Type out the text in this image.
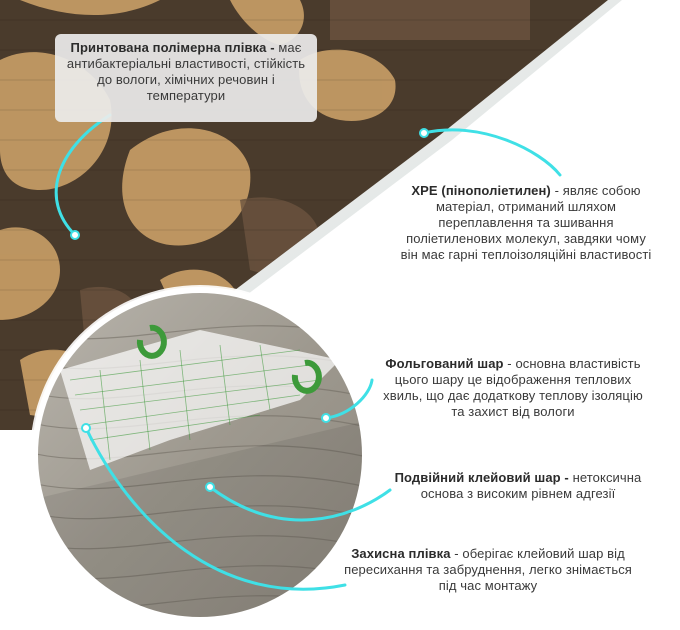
Принтована полімерна плівка - має антибактеріальні властивості, стійкість до вологи, хімічних речовин і температури
XPE (пінополіетилен) - являє собою матеріал, отриманий шляхом переплавлення та зшивання поліетиленових молекул, завдяки чому він має гарні теплоізоляційні властивості
Фольгований шар - основна властивість цього шару це відображення теплових хвиль, що дає додаткову теплову ізоляцію та захист від вологи
Подвійний клейовий шар - нетоксична основа з високим рівнем адгезії
Захисна плівка - оберігає клейовий шар від пересихання та забруднення, легко знімається під час монтажу
